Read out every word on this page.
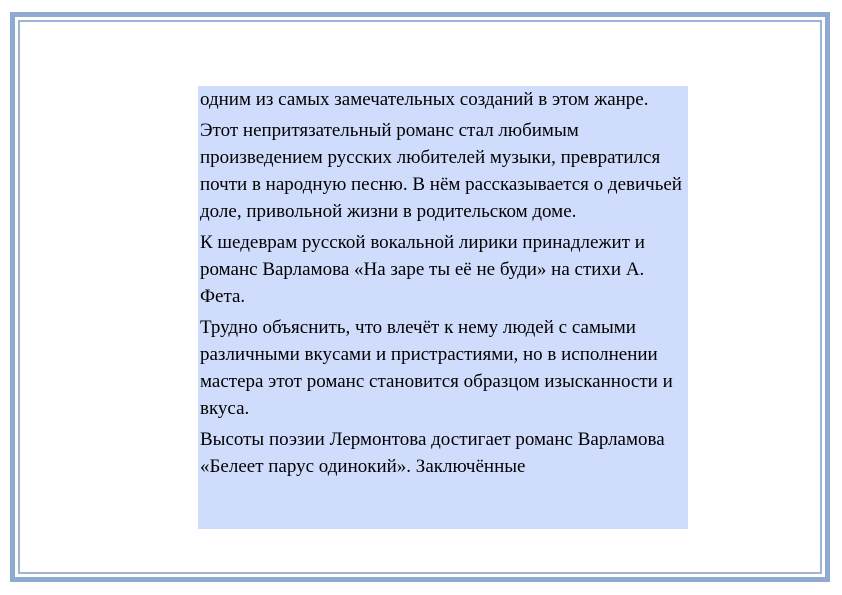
одним из самых замечательных созданий в этом жанре.

Этот непритязательный романс стал любимым произведением русских любителей музыки, превратился почти в народную песню. В нём рассказывается о девичьей доле, привольной жизни в родительском доме.

К шедеврам русской вокальной лирики принадлежит и романс Варламова «На заре ты её не буди» на стихи А. Фета.

Трудно объяснить, что влечёт к нему людей с самыми различными вкусами и пристрастиями, но в исполнении мастера этот романс становится образцом изысканности и вкуса.

Высоты поэзии Лермонтова достигает романс Варламова «Белеет парус одинокий». Заключённые
